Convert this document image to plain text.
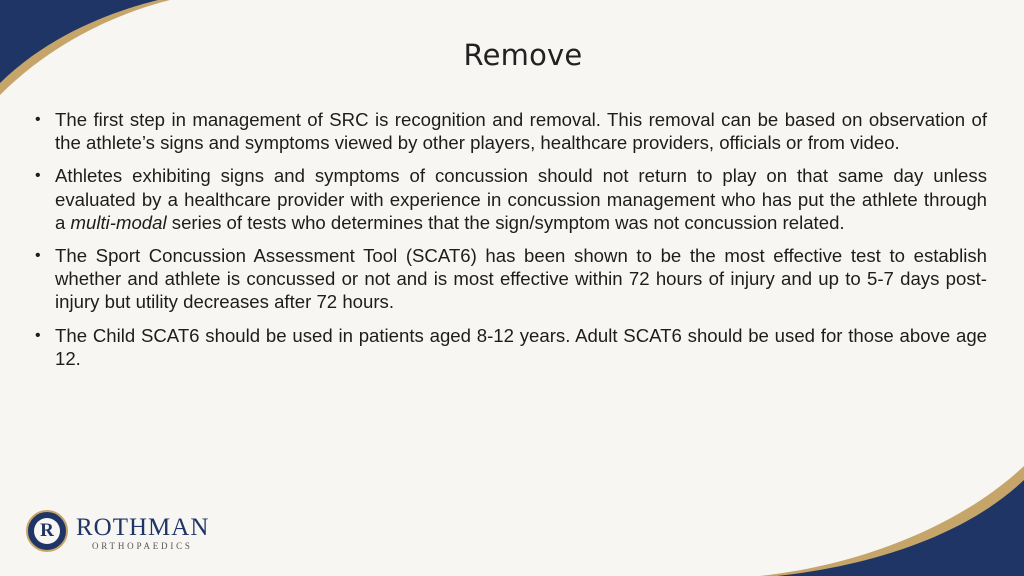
Remove
• The first step in management of SRC is recognition and removal. This removal can be based on observation of the athlete’s signs and symptoms viewed by other players, healthcare providers, officials or from video.
• Athletes exhibiting signs and symptoms of concussion should not return to play on that same day unless evaluated by a healthcare provider with experience in concussion management who has put the athlete through a multi-modal series of tests who determines that the sign/symptom was not concussion related.
• The Sport Concussion Assessment Tool (SCAT6) has been shown to be the most effective test to establish whether and athlete is concussed or not and is most effective within 72 hours of injury and up to 5-7 days post-injury but utility decreases after 72 hours.
• The Child SCAT6 should be used in patients aged 8-12 years. Adult SCAT6 should be used for those above age 12.
R ROTHMAN
ORTHOPAEDICS
